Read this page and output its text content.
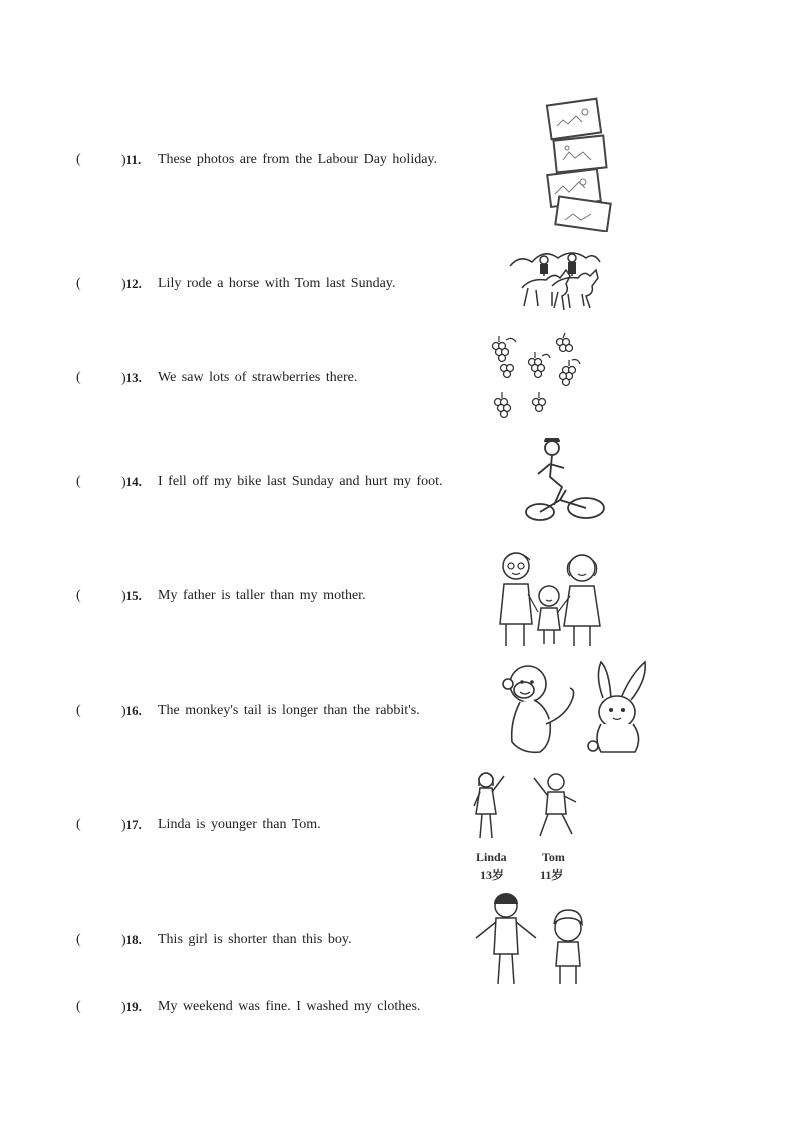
(	)11. These photos are from the Labour Day holiday.
(	)12. Lily rode a horse with Tom last Sunday.
(	)13. We saw lots of strawberries there.
(	)14. I fell off my bike last Sunday and hurt my foot.
(	)15. My father is taller than my mother.
(	)16. The monkey's tail is longer than the rabbit's.
(	)17. Linda is younger than Tom.
Linda
13岁
Tom
11岁
(	)18. This girl is shorter than this boy.
(	)19. My weekend was fine. I washed my clothes.
